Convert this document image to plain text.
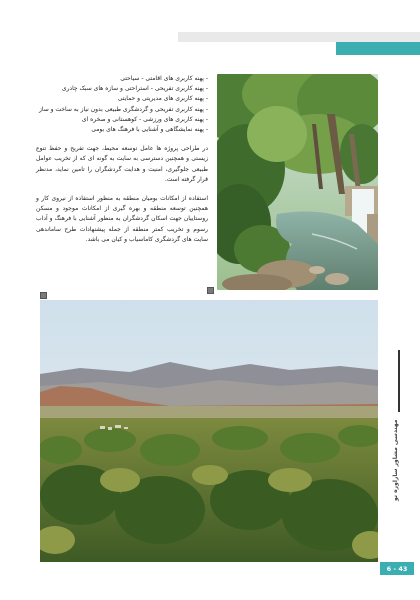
- پهنه کاربری های اقامتی - سیاحتی
- پهنه کاربری تفریحی - استراحتی و سازه های سبک چادری
- پهنه کاربری های مدیریتی و حمایتی
- پهنه کاربری تفریحی و گردشگری طبیعی بدون نیاز به ساخت و ساز
- پهنه کاربری های ورزشی - کوهستانی و صخره ای
- پهنه نمایشگاهی و آشنایی با فرهنگ های بومی

در طراحی پروژه ها عامل توسعه محیط، جهت تفریح و حفظ تنوع زیستی و همچنین دسترسی به سایت به گونه ای که از تخریب عوامل طبیعی جلوگیری، امنیت و هدایت گردشگران را تامین نماید، مدنظر قرار گرفته است.

استفاده از امکانات بومیان منطقه به منظور استفاده از نیروی کار و همچنین توسعه منطقه و بهره گیری از امکانات موجود و مسکن روستاییان جهت اسکان گردشگران به منظور آشنایی با فرهنگ و آداب رسوم و تخریب کمتر منطقه از جمله پیشنهادات طرح ساماندهی سایت های گردشگری کاماسیاب و کیان می باشد.

مهندسی مشاور ساراوره نو
6 - 43
